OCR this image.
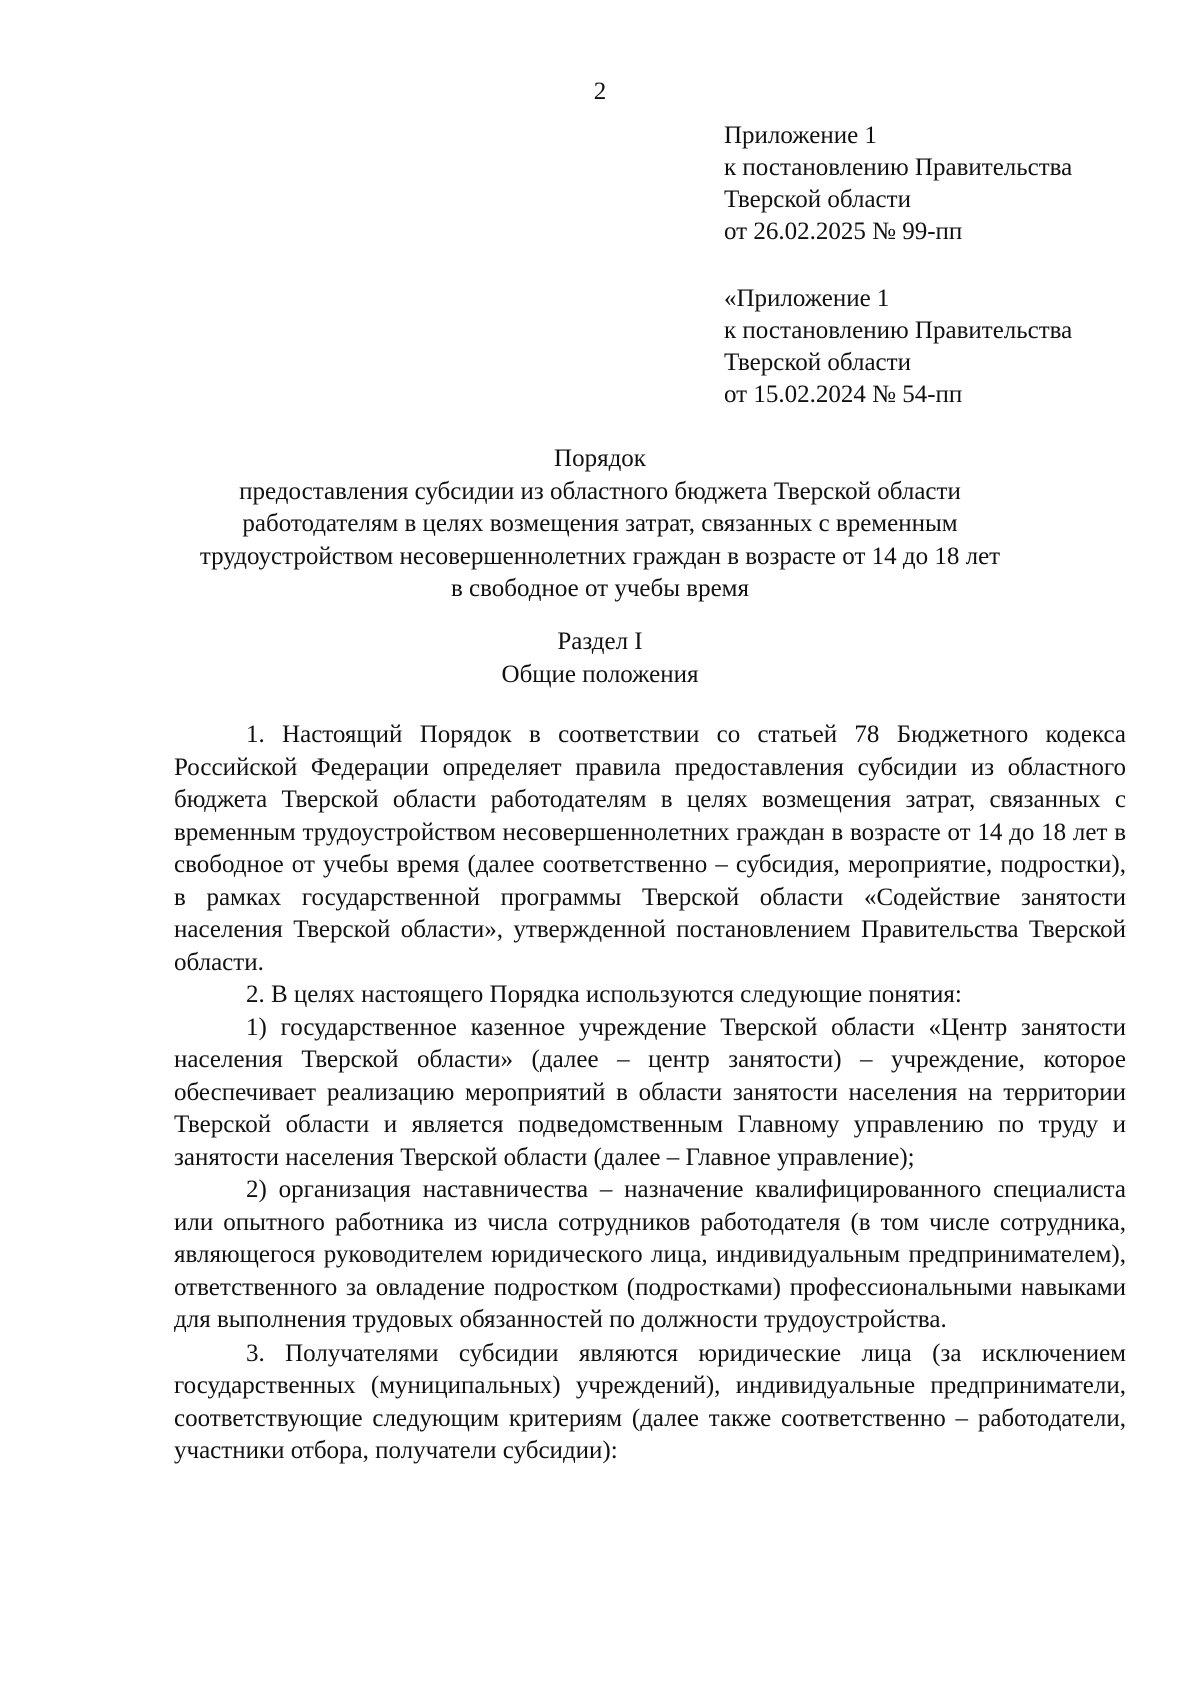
2
Приложение 1
к постановлению Правительства
Тверской области
от 26.02.2025 № 99-пп
«Приложение 1
к постановлению Правительства
Тверской области
от 15.02.2024 № 54-пп
Порядок
предоставления субсидии из областного бюджета Тверской области
работодателям в целях возмещения затрат, связанных с временным
трудоустройством несовершеннолетних граждан в возрасте от 14 до 18 лет
в свободное от учебы время
Раздел I
Общие положения

1. Настоящий Порядок в соответствии со статьей 78 Бюджетного кодекса Российской Федерации определяет правила предоставления субсидии из областного бюджета Тверской области работодателям в целях возмещения затрат, связанных с временным трудоустройством несовершеннолетних граждан в возрасте от 14 до 18 лет в свободное от учебы время (далее соответственно – субсидия, мероприятие, подростки), в рамках государственной программы Тверской области «Содействие занятости населения Тверской области», утвержденной постановлением Правительства Тверской области.

2. В целях настоящего Порядка используются следующие понятия:

1) государственное казенное учреждение Тверской области «Центр занятости населения Тверской области» (далее – центр занятости) – учреждение, которое обеспечивает реализацию мероприятий в области занятости населения на территории Тверской области и является подведомственным Главному управлению по труду и занятости населения Тверской области (далее – Главное управление);

2) организация наставничества – назначение квалифицированного специалиста или опытного работника из числа сотрудников работодателя (в том числе сотрудника, являющегося руководителем юридического лица, индивидуальным предпринимателем), ответственного за овладение подростком (подростками) профессиональными навыками для выполнения трудовых обязанностей по должности трудоустройства.

3. Получателями субсидии являются юридические лица (за исключением государственных (муниципальных) учреждений), индивидуальные предприниматели, соответствующие следующим критериям (далее также соответственно – работодатели, участники отбора, получатели субсидии):
